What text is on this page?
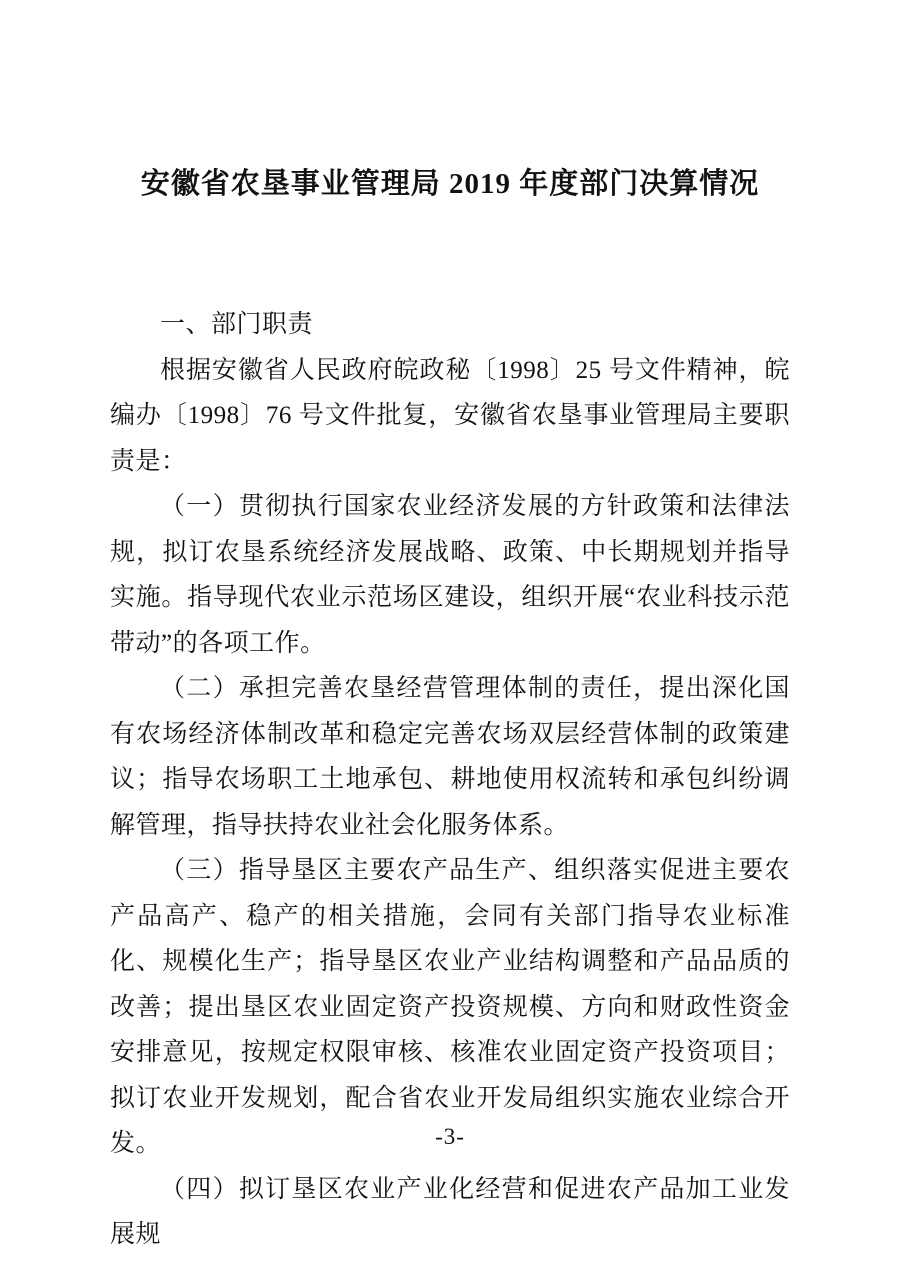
安徽省农垦事业管理局 2019 年度部门决算情况

一、部门职责

根据安徽省人民政府皖政秘〔1998〕25 号文件精神，皖编办〔1998〕76 号文件批复，安徽省农垦事业管理局主要职责是：

（一）贯彻执行国家农业经济发展的方针政策和法律法规，拟订农垦系统经济发展战略、政策、中长期规划并指导实施。指导现代农业示范场区建设，组织开展“农业科技示范带动”的各项工作。

（二）承担完善农垦经营管理体制的责任，提出深化国有农场经济体制改革和稳定完善农场双层经营体制的政策建议；指导农场职工土地承包、耕地使用权流转和承包纠纷调解管理，指导扶持农业社会化服务体系。

（三）指导垦区主要农产品生产、组织落实促进主要农产品高产、稳产的相关措施，会同有关部门指导农业标准化、规模化生产；指导垦区农业产业结构调整和产品品质的改善；提出垦区农业固定资产投资规模、方向和财政性资金安排意见，按规定权限审核、核准农业固定资产投资项目；拟订农业开发规划，配合省农业开发局组织实施农业综合开发。

（四）拟订垦区农业产业化经营和促进农产品加工业发展规

-3-
